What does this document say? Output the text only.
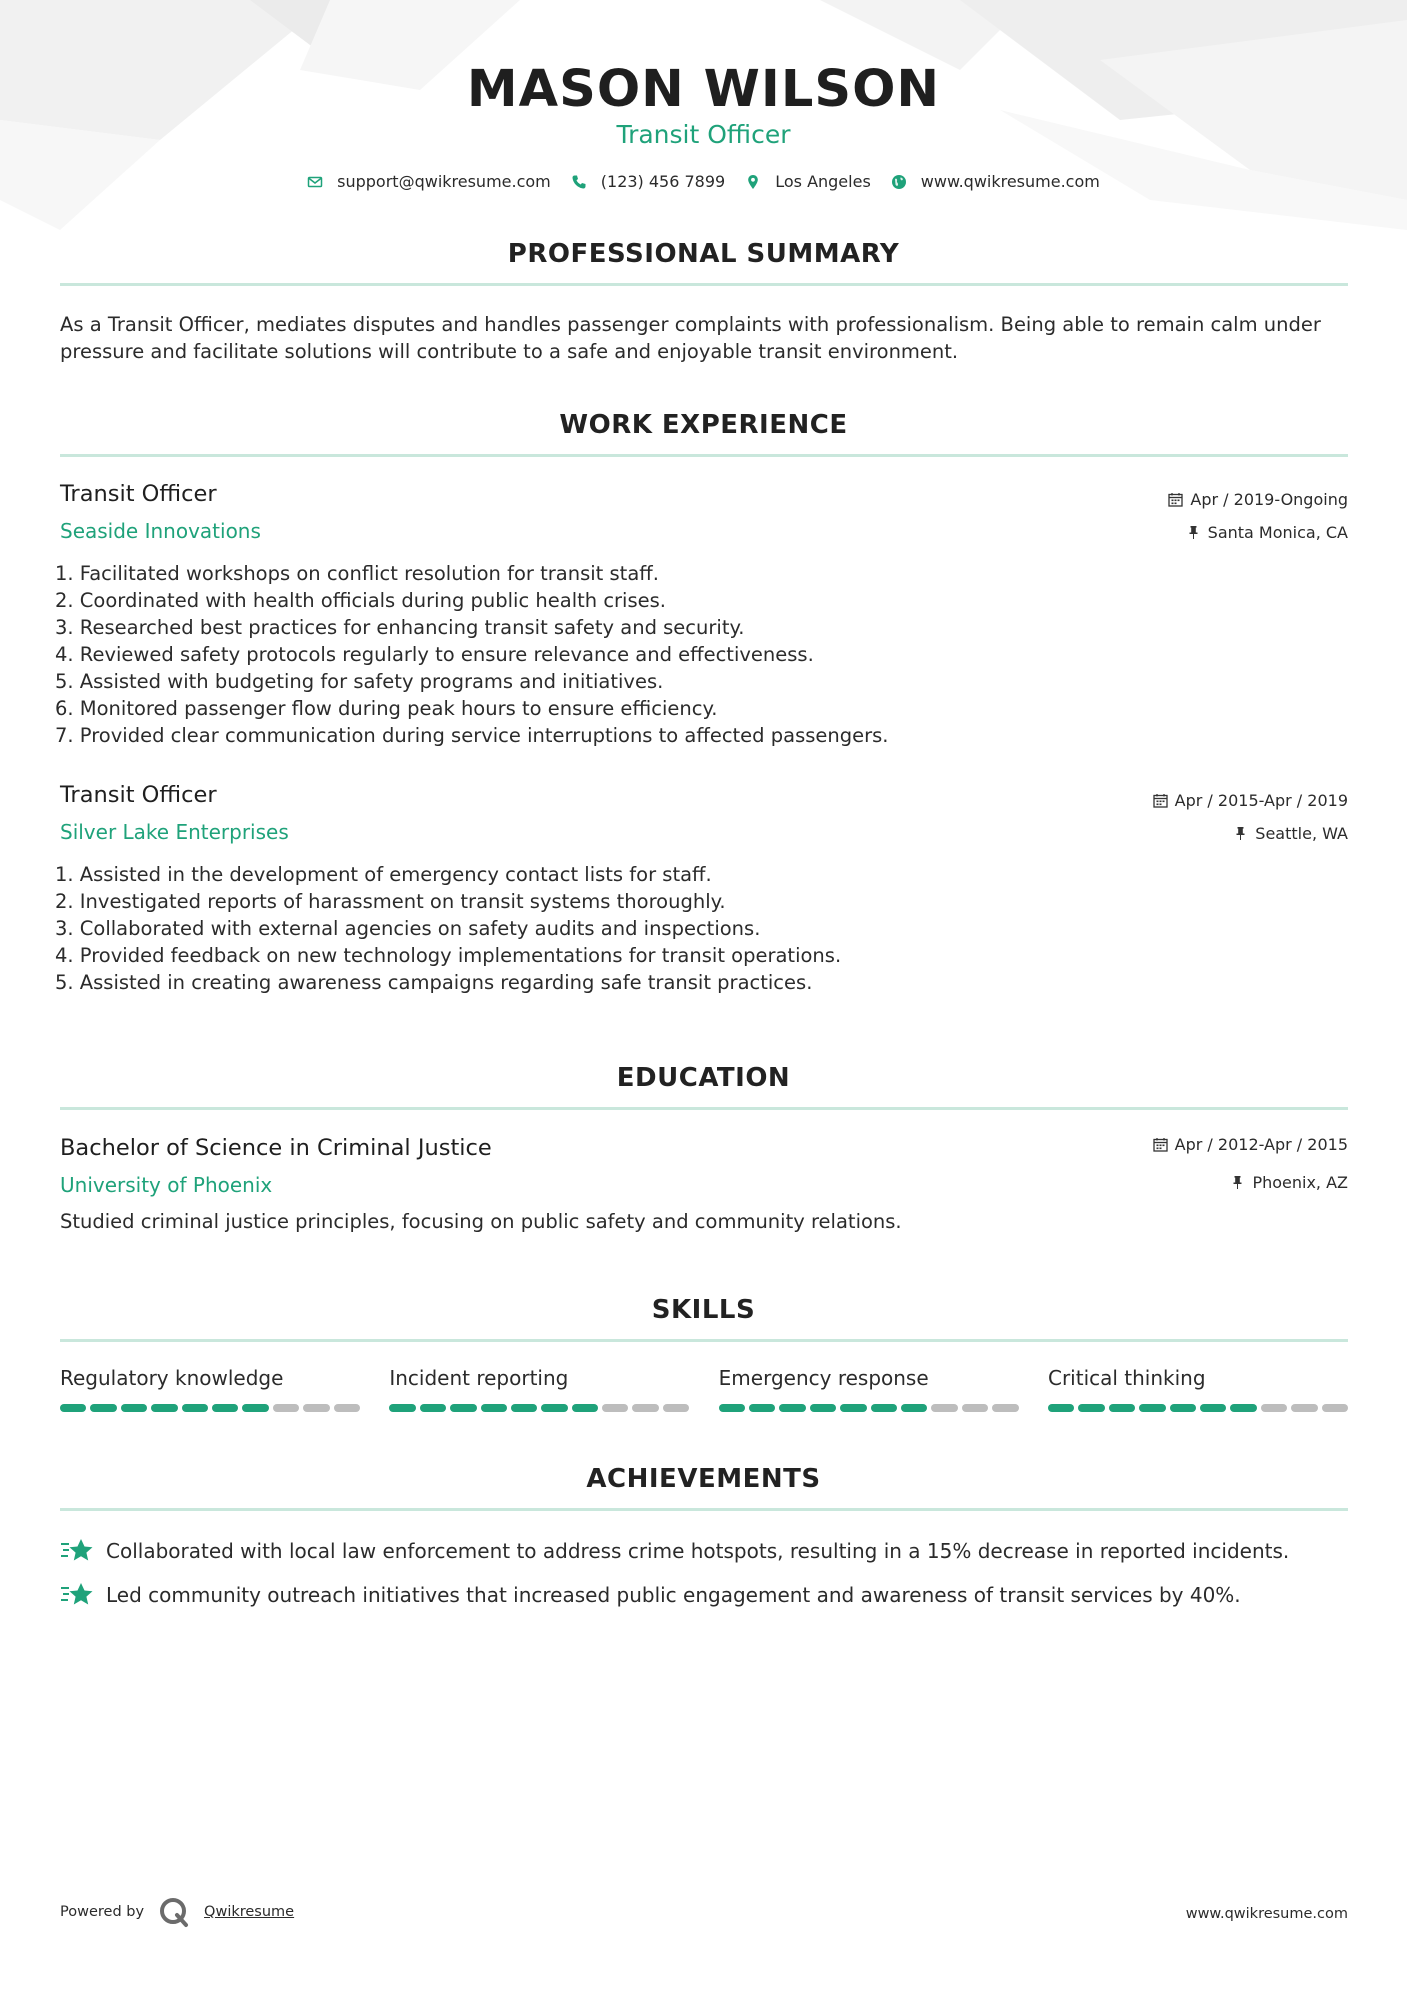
MASON WILSON
Transit Officer
support@qwikresume.com	(123) 456 7899	Los Angeles	www.qwikresume.com
PROFESSIONAL SUMMARY
As a Transit Officer, mediates disputes and handles passenger complaints with professionalism. Being able to remain calm under pressure and facilitate solutions will contribute to a safe and enjoyable transit environment.
WORK EXPERIENCE
Transit Officer	Apr / 2019-Ongoing
Seaside Innovations	Santa Monica, CA
1. Facilitated workshops on conflict resolution for transit staff.
2. Coordinated with health officials during public health crises.
3. Researched best practices for enhancing transit safety and security.
4. Reviewed safety protocols regularly to ensure relevance and effectiveness.
5. Assisted with budgeting for safety programs and initiatives.
6. Monitored passenger flow during peak hours to ensure efficiency.
7. Provided clear communication during service interruptions to affected passengers.
Transit Officer	Apr / 2015-Apr / 2019
Silver Lake Enterprises	Seattle, WA
1. Assisted in the development of emergency contact lists for staff.
2. Investigated reports of harassment on transit systems thoroughly.
3. Collaborated with external agencies on safety audits and inspections.
4. Provided feedback on new technology implementations for transit operations.
5. Assisted in creating awareness campaigns regarding safe transit practices.
EDUCATION
Bachelor of Science in Criminal Justice	Apr / 2012-Apr / 2015
University of Phoenix	Phoenix, AZ
Studied criminal justice principles, focusing on public safety and community relations.
SKILLS
Regulatory knowledge	Incident reporting	Emergency response	Critical thinking
ACHIEVEMENTS
Collaborated with local law enforcement to address crime hotspots, resulting in a 15% decrease in reported incidents.
Led community outreach initiatives that increased public engagement and awareness of transit services by 40%.
Powered by	Qwikresume	www.qwikresume.com
